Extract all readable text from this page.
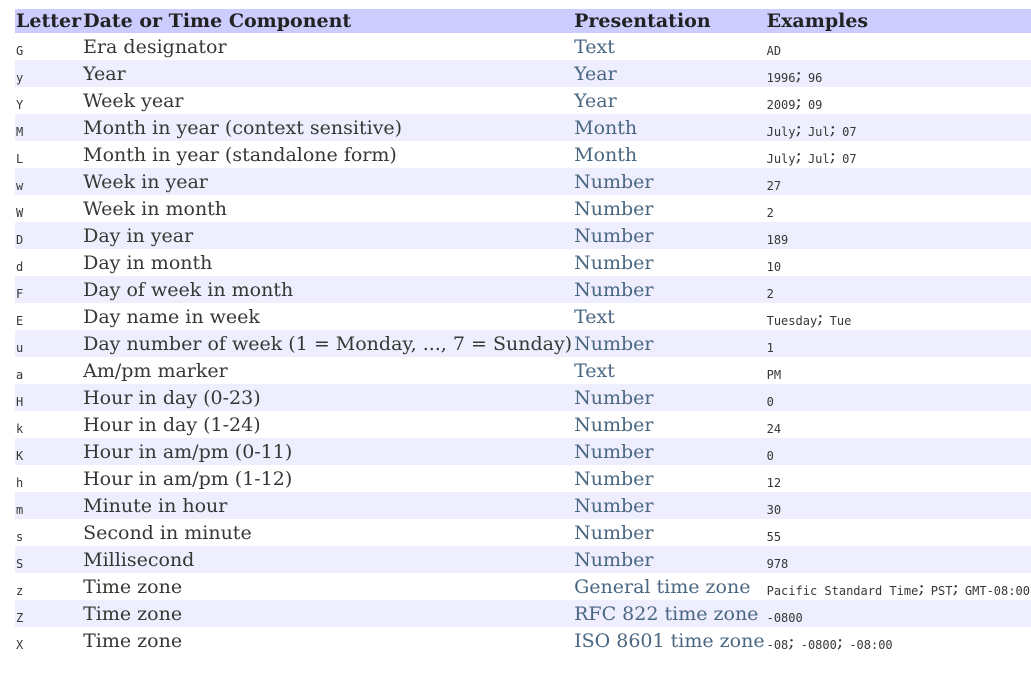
Letter	Date or Time Component	Presentation	Examples
G	Era designator	Text	AD
y	Year	Year	1996; 96
Y	Week year	Year	2009; 09
M	Month in year (context sensitive)	Month	July; Jul; 07
L	Month in year (standalone form)	Month	July; Jul; 07
w	Week in year	Number	27
W	Week in month	Number	2
D	Day in year	Number	189
d	Day in month	Number	10
F	Day of week in month	Number	2
E	Day name in week	Text	Tuesday; Tue
u	Day number of week (1 = Monday, ..., 7 = Sunday)	Number	1
a	Am/pm marker	Text	PM
H	Hour in day (0-23)	Number	0
k	Hour in day (1-24)	Number	24
K	Hour in am/pm (0-11)	Number	0
h	Hour in am/pm (1-12)	Number	12
m	Minute in hour	Number	30
s	Second in minute	Number	55
S	Millisecond	Number	978
z	Time zone	General time zone	Pacific Standard Time; PST; GMT-08:00
Z	Time zone	RFC 822 time zone	-0800
X	Time zone	ISO 8601 time zone	-08; -0800; -08:00
